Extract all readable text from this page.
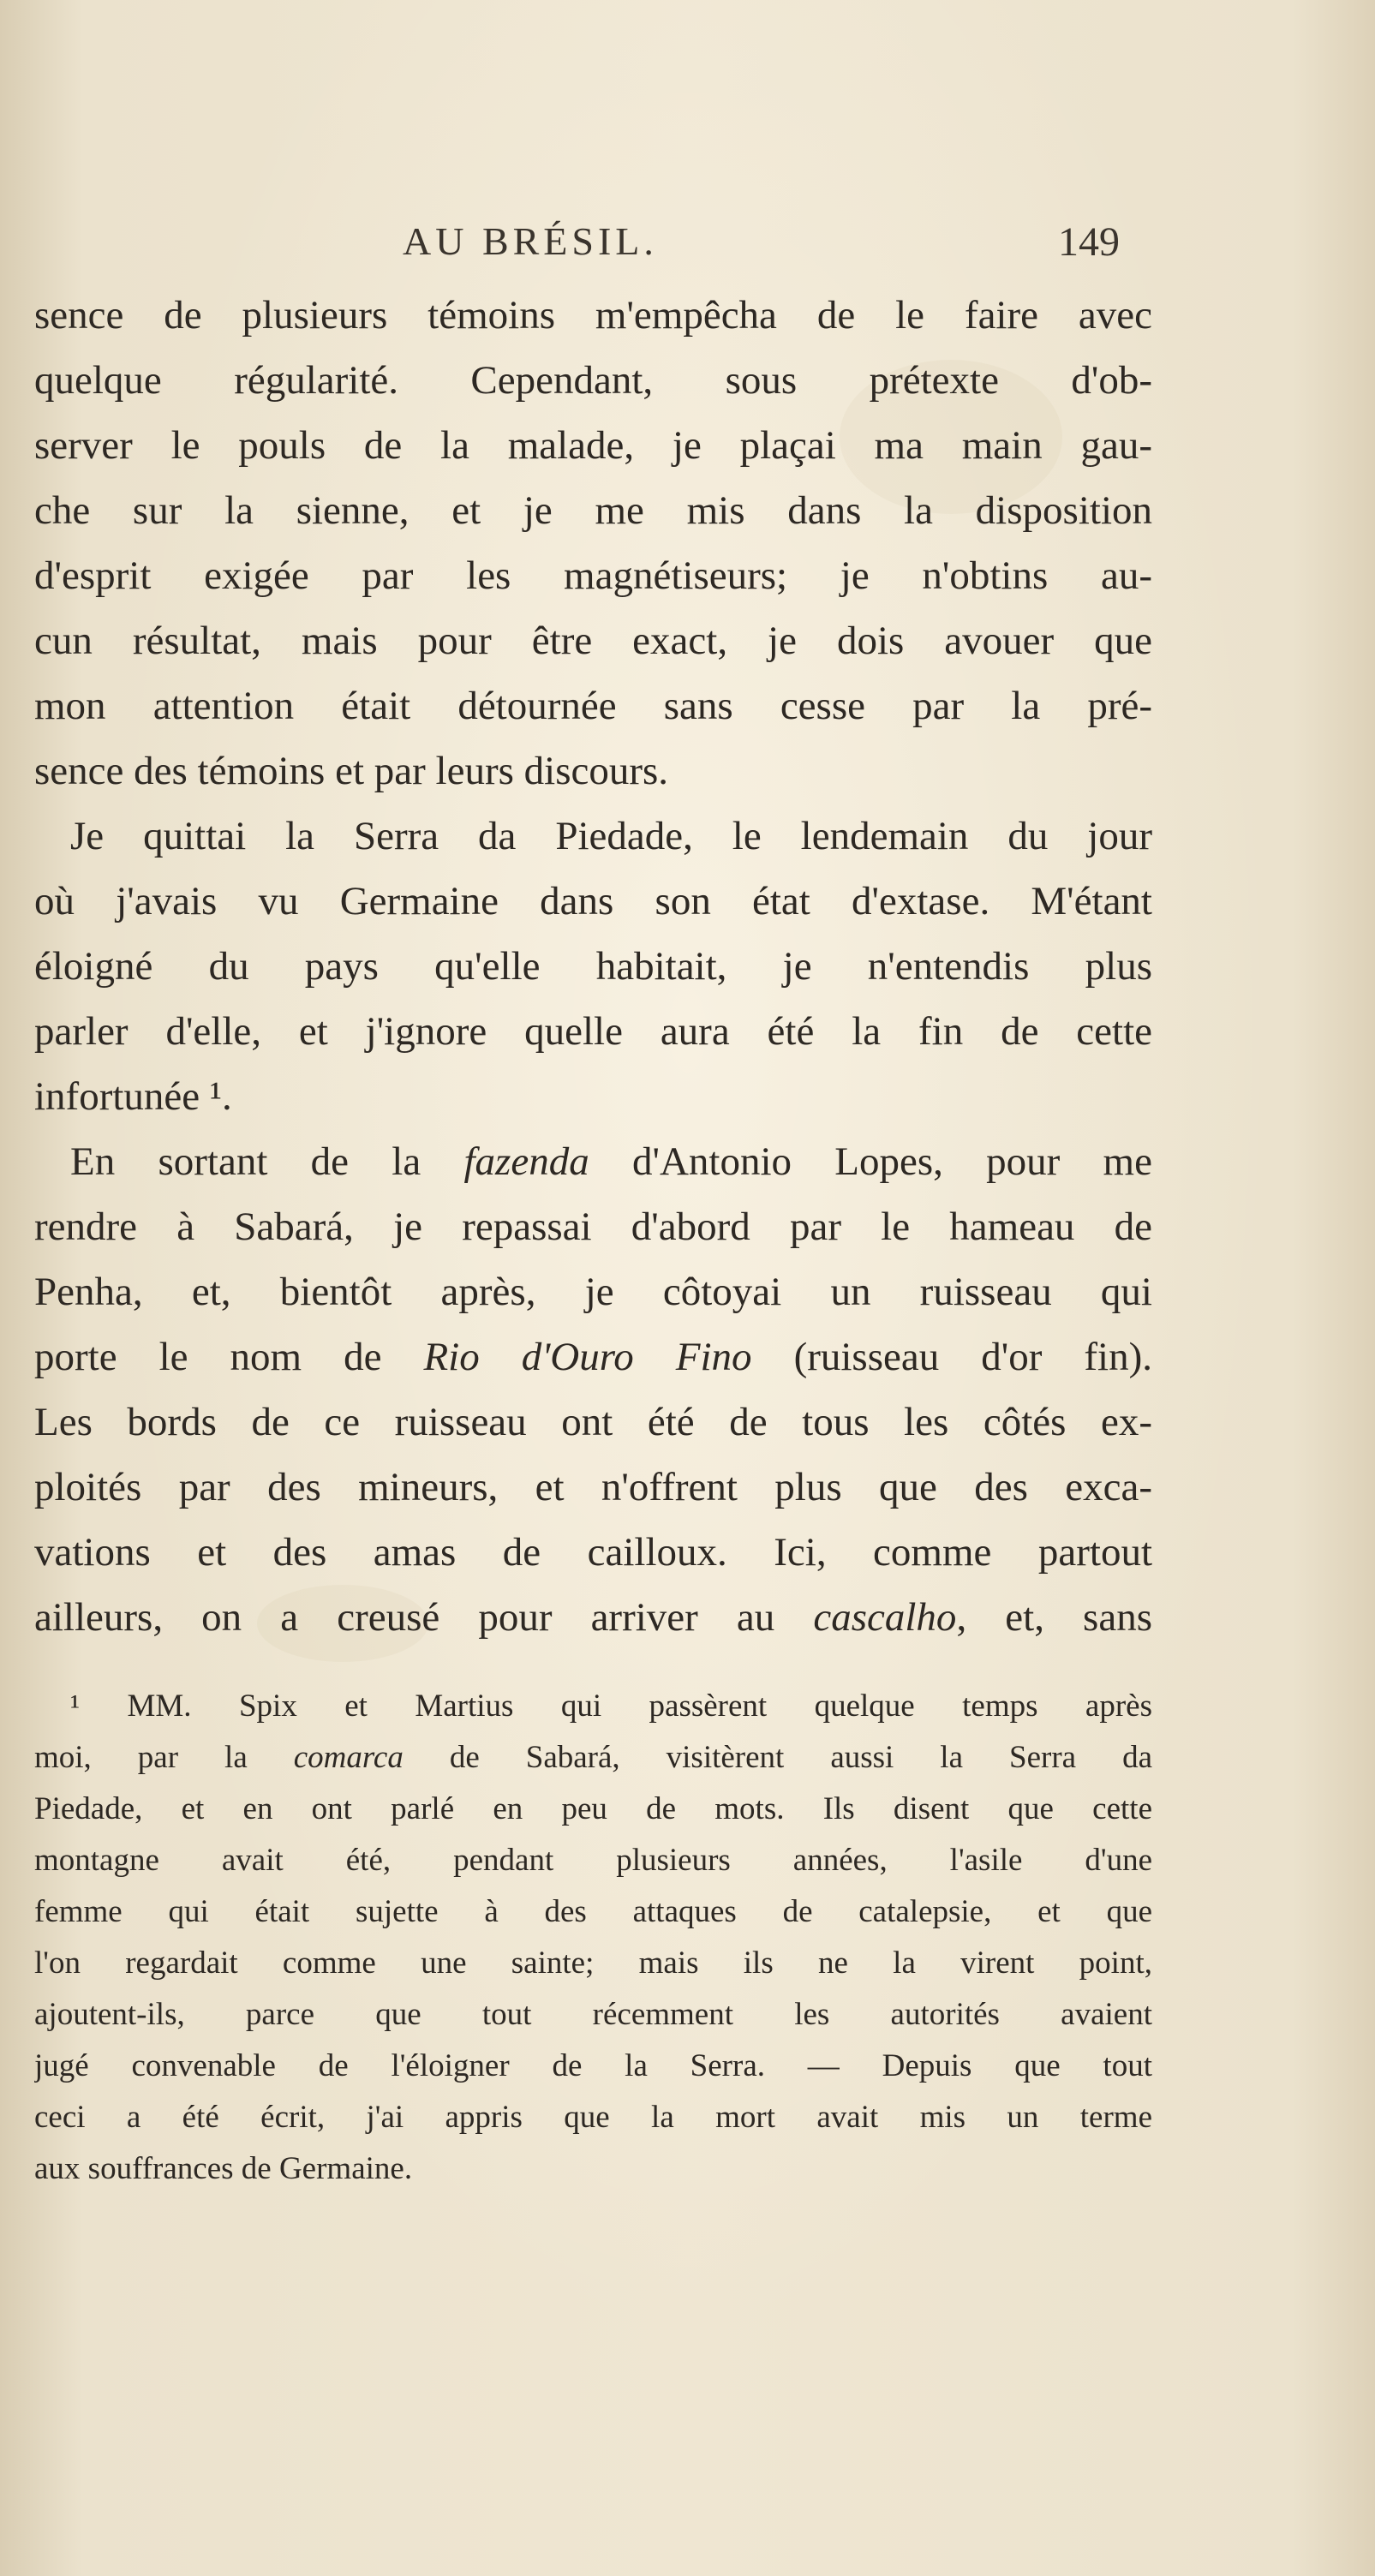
AU BRÉSIL.	149
sence de plusieurs témoins m'empêcha de le faire avec
quelque régularité. Cependant, sous prétexte d'ob-
server le pouls de la malade, je plaçai ma main gau-
che sur la sienne, et je me mis dans la disposition
d'esprit exigée par les magnétiseurs; je n'obtins au-
cun résultat, mais pour être exact, je dois avouer que
mon attention était détournée sans cesse par la pré-
sence des témoins et par leurs discours.
Je quittai la Serra da Piedade, le lendemain du jour
où j'avais vu Germaine dans son état d'extase. M'étant
éloigné du pays qu'elle habitait, je n'entendis plus
parler d'elle, et j'ignore quelle aura été la fin de cette
infortunée ¹.
En sortant de la fazenda d'Antonio Lopes, pour me
rendre à Sabará, je repassai d'abord par le hameau de
Penha, et, bientôt après, je côtoyai un ruisseau qui
porte le nom de Rio d'Ouro Fino (ruisseau d'or fin).
Les bords de ce ruisseau ont été de tous les côtés ex-
ploités par des mineurs, et n'offrent plus que des exca-
vations et des amas de cailloux. Ici, comme partout
ailleurs, on a creusé pour arriver au cascalho, et, sans
¹ MM. Spix et Martius qui passèrent quelque temps après
moi, par la comarca de Sabará, visitèrent aussi la Serra da
Piedade, et en ont parlé en peu de mots. Ils disent que cette
montagne avait été, pendant plusieurs années, l'asile d'une
femme qui était sujette à des attaques de catalepsie, et que
l'on regardait comme une sainte; mais ils ne la virent point,
ajoutent-ils, parce que tout récemment les autorités avaient
jugé convenable de l'éloigner de la Serra. — Depuis que tout
ceci a été écrit, j'ai appris que la mort avait mis un terme
aux souffrances de Germaine.
